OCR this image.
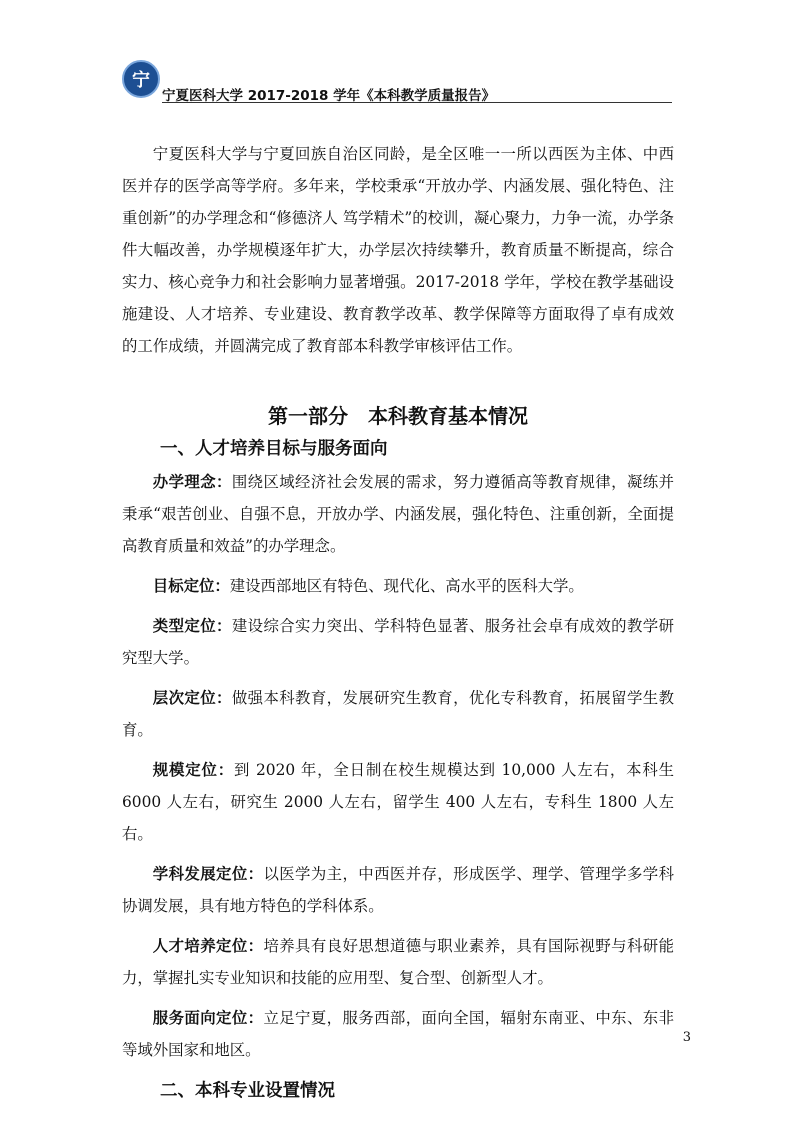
宁
宁夏医科大学 2017-2018 学年《本科教学质量报告》

宁夏医科大学与宁夏回族自治区同龄，是全区唯一一所以西医为主体、中西医并存的医学高等学府。多年来，学校秉承“开放办学、内涵发展、强化特色、注重创新”的办学理念和“修德济人 笃学精术”的校训，凝心聚力，力争一流，办学条件大幅改善，办学规模逐年扩大，办学层次持续攀升，教育质量不断提高，综合实力、核心竞争力和社会影响力显著增强。2017-2018 学年，学校在教学基础设施建设、人才培养、专业建设、教育教学改革、教学保障等方面取得了卓有成效的工作成绩，并圆满完成了教育部本科教学审核评估工作。

第一部分　本科教育基本情况
一、人才培养目标与服务面向

办学理念：围绕区域经济社会发展的需求，努力遵循高等教育规律，凝练并秉承“艰苦创业、自强不息，开放办学、内涵发展，强化特色、注重创新，全面提高教育质量和效益”的办学理念。

目标定位：建设西部地区有特色、现代化、高水平的医科大学。

类型定位：建设综合实力突出、学科特色显著、服务社会卓有成效的教学研究型大学。

层次定位：做强本科教育，发展研究生教育，优化专科教育，拓展留学生教育。

规模定位：到 2020 年，全日制在校生规模达到 10,000 人左右，本科生 6000 人左右，研究生 2000 人左右，留学生 400 人左右，专科生 1800 人左右。

学科发展定位：以医学为主，中西医并存，形成医学、理学、管理学多学科协调发展，具有地方特色的学科体系。

人才培养定位：培养具有良好思想道德与职业素养，具有国际视野与科研能力，掌握扎实专业知识和技能的应用型、复合型、创新型人才。

服务面向定位：立足宁夏，服务西部，面向全国，辐射东南亚、中东、东非等域外国家和地区。

二、本科专业设置情况
3
